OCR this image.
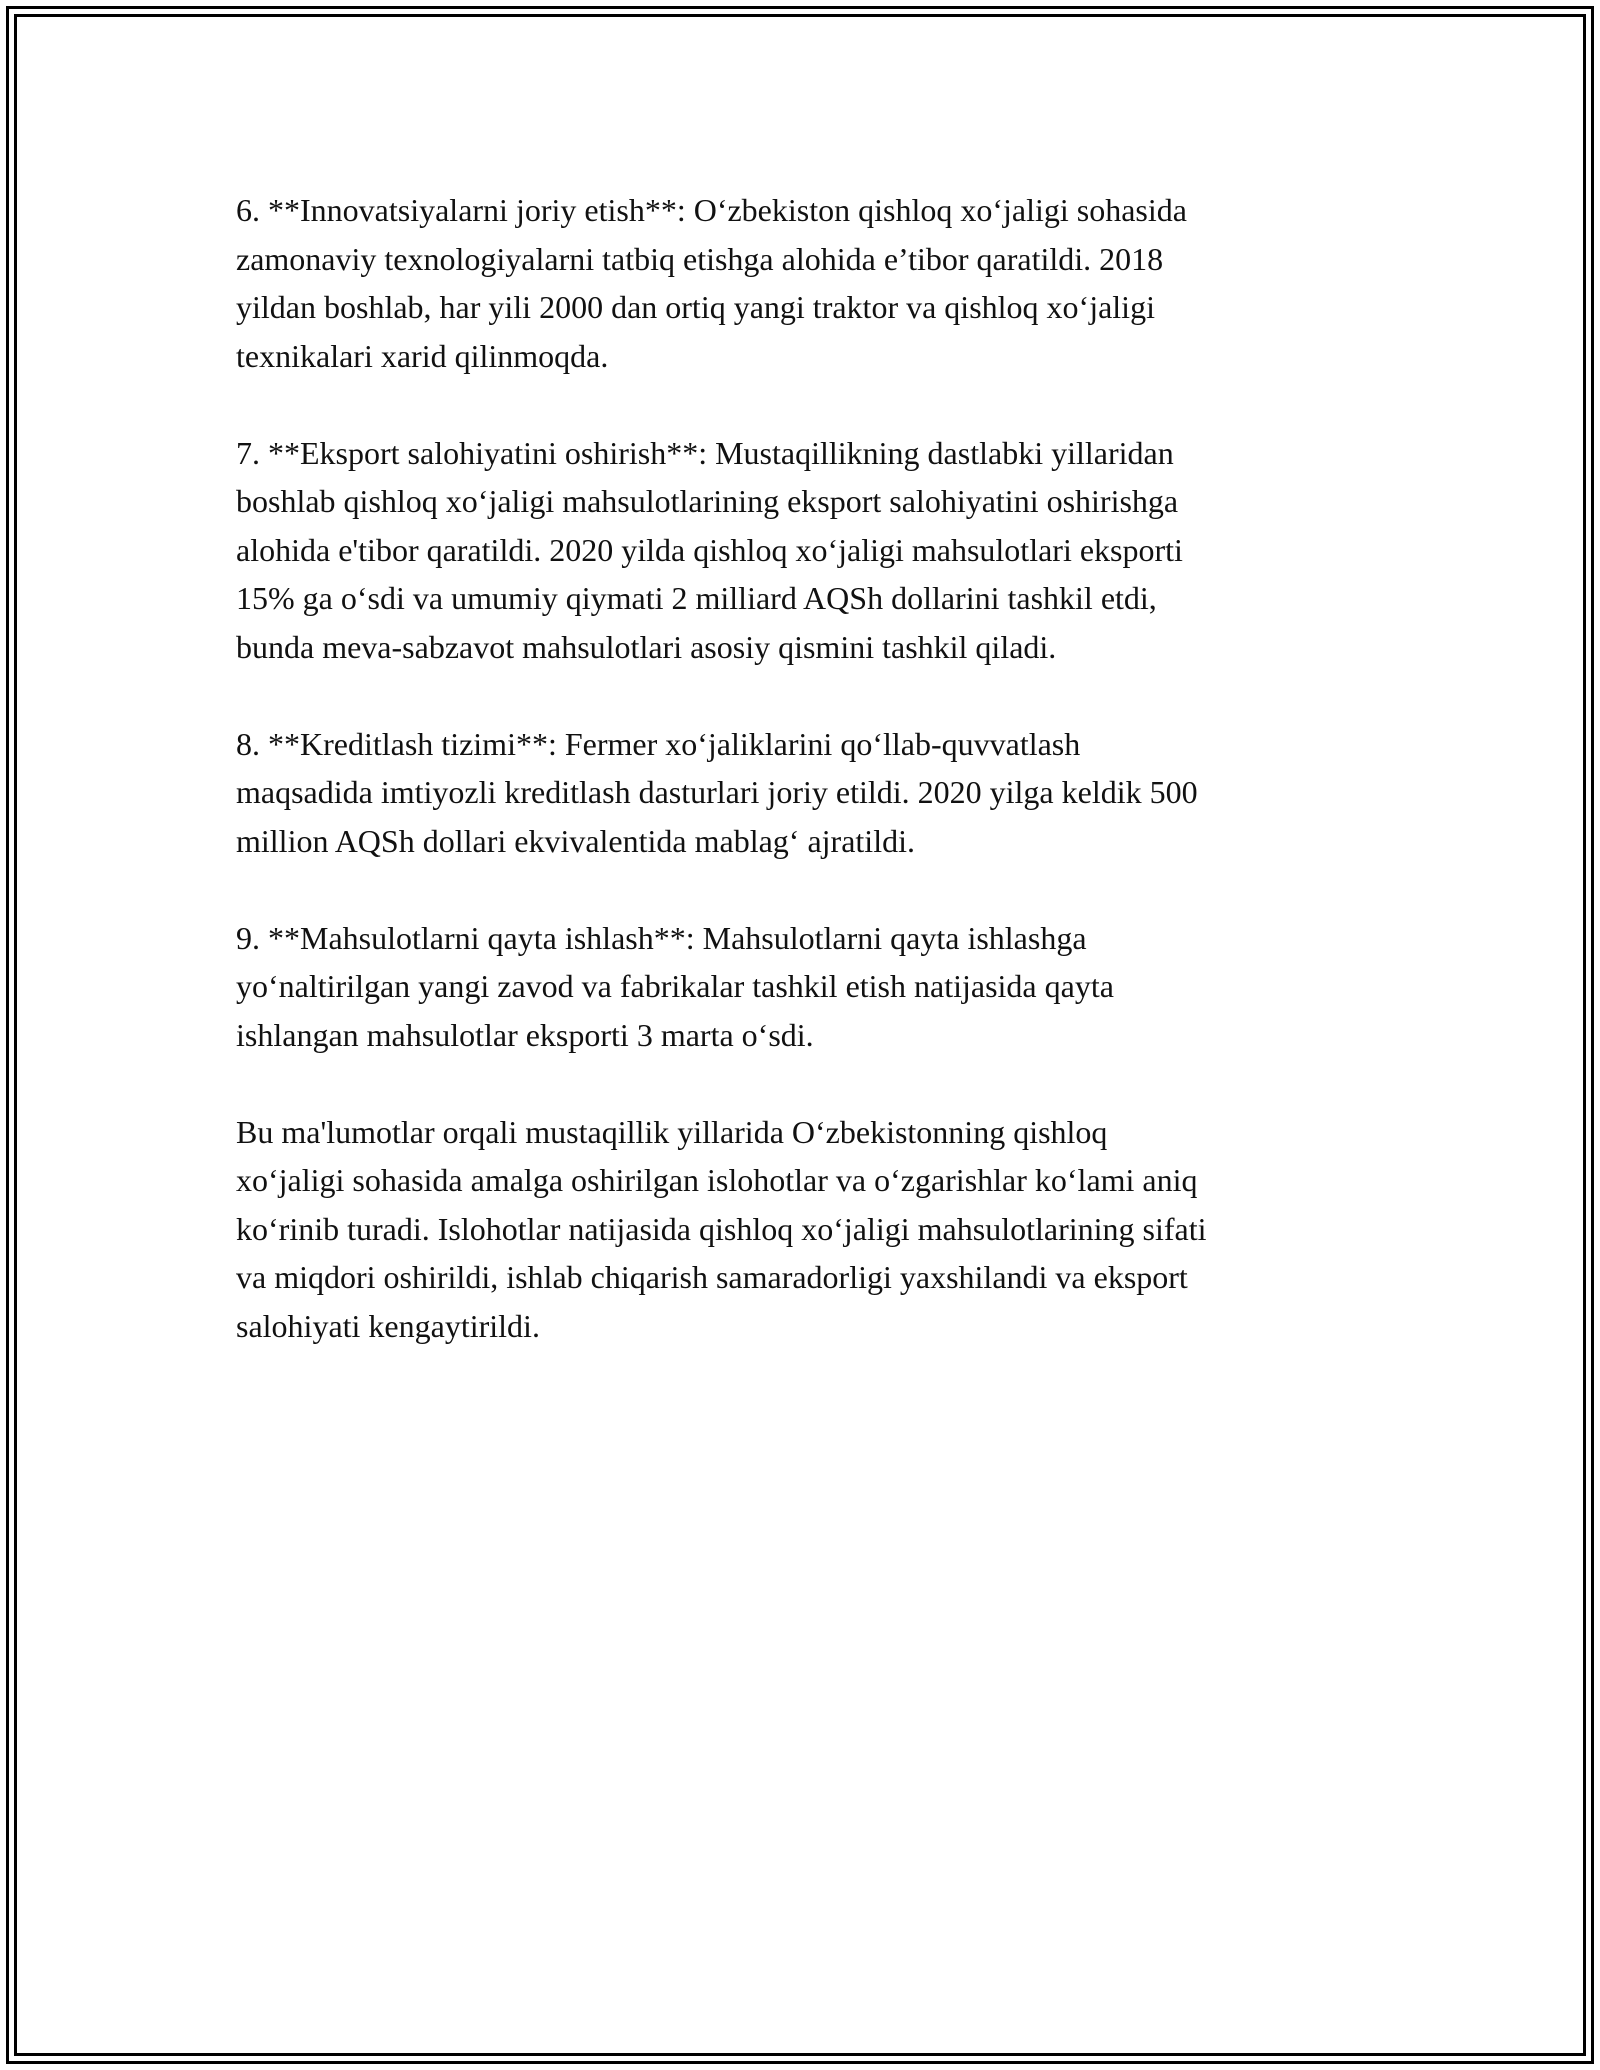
6. **Innovatsiyalarni joriy etish**: O‘zbekiston qishloq xo‘jaligi sohasida
zamonaviy texnologiyalarni tatbiq etishga alohida e’tibor qaratildi. 2018
yildan boshlab, har yili 2000 dan ortiq yangi traktor va qishloq xo‘jaligi
texnikalari xarid qilinmoqda.

7. **Eksport salohiyatini oshirish**: Mustaqillikning dastlabki yillaridan
boshlab qishloq xo‘jaligi mahsulotlarining eksport salohiyatini oshirishga
alohida e'tibor qaratildi. 2020 yilda qishloq xo‘jaligi mahsulotlari eksporti
15% ga o‘sdi va umumiy qiymati 2 milliard AQSh dollarini tashkil etdi,
bunda meva-sabzavot mahsulotlari asosiy qismini tashkil qiladi.

8. **Kreditlash tizimi**: Fermer xo‘jaliklarini qo‘llab-quvvatlash
maqsadida imtiyozli kreditlash dasturlari joriy etildi. 2020 yilga keldik 500
million AQSh dollari ekvivalentida mablag‘ ajratildi.

9. **Mahsulotlarni qayta ishlash**: Mahsulotlarni qayta ishlashga
yo‘naltirilgan yangi zavod va fabrikalar tashkil etish natijasida qayta
ishlangan mahsulotlar eksporti 3 marta o‘sdi.

Bu ma'lumotlar orqali mustaqillik yillarida O‘zbekistonning qishloq
xo‘jaligi sohasida amalga oshirilgan islohotlar va o‘zgarishlar ko‘lami aniq
ko‘rinib turadi. Islohotlar natijasida qishloq xo‘jaligi mahsulotlarining sifati
va miqdori oshirildi, ishlab chiqarish samaradorligi yaxshilandi va eksport
salohiyati kengaytirildi.
